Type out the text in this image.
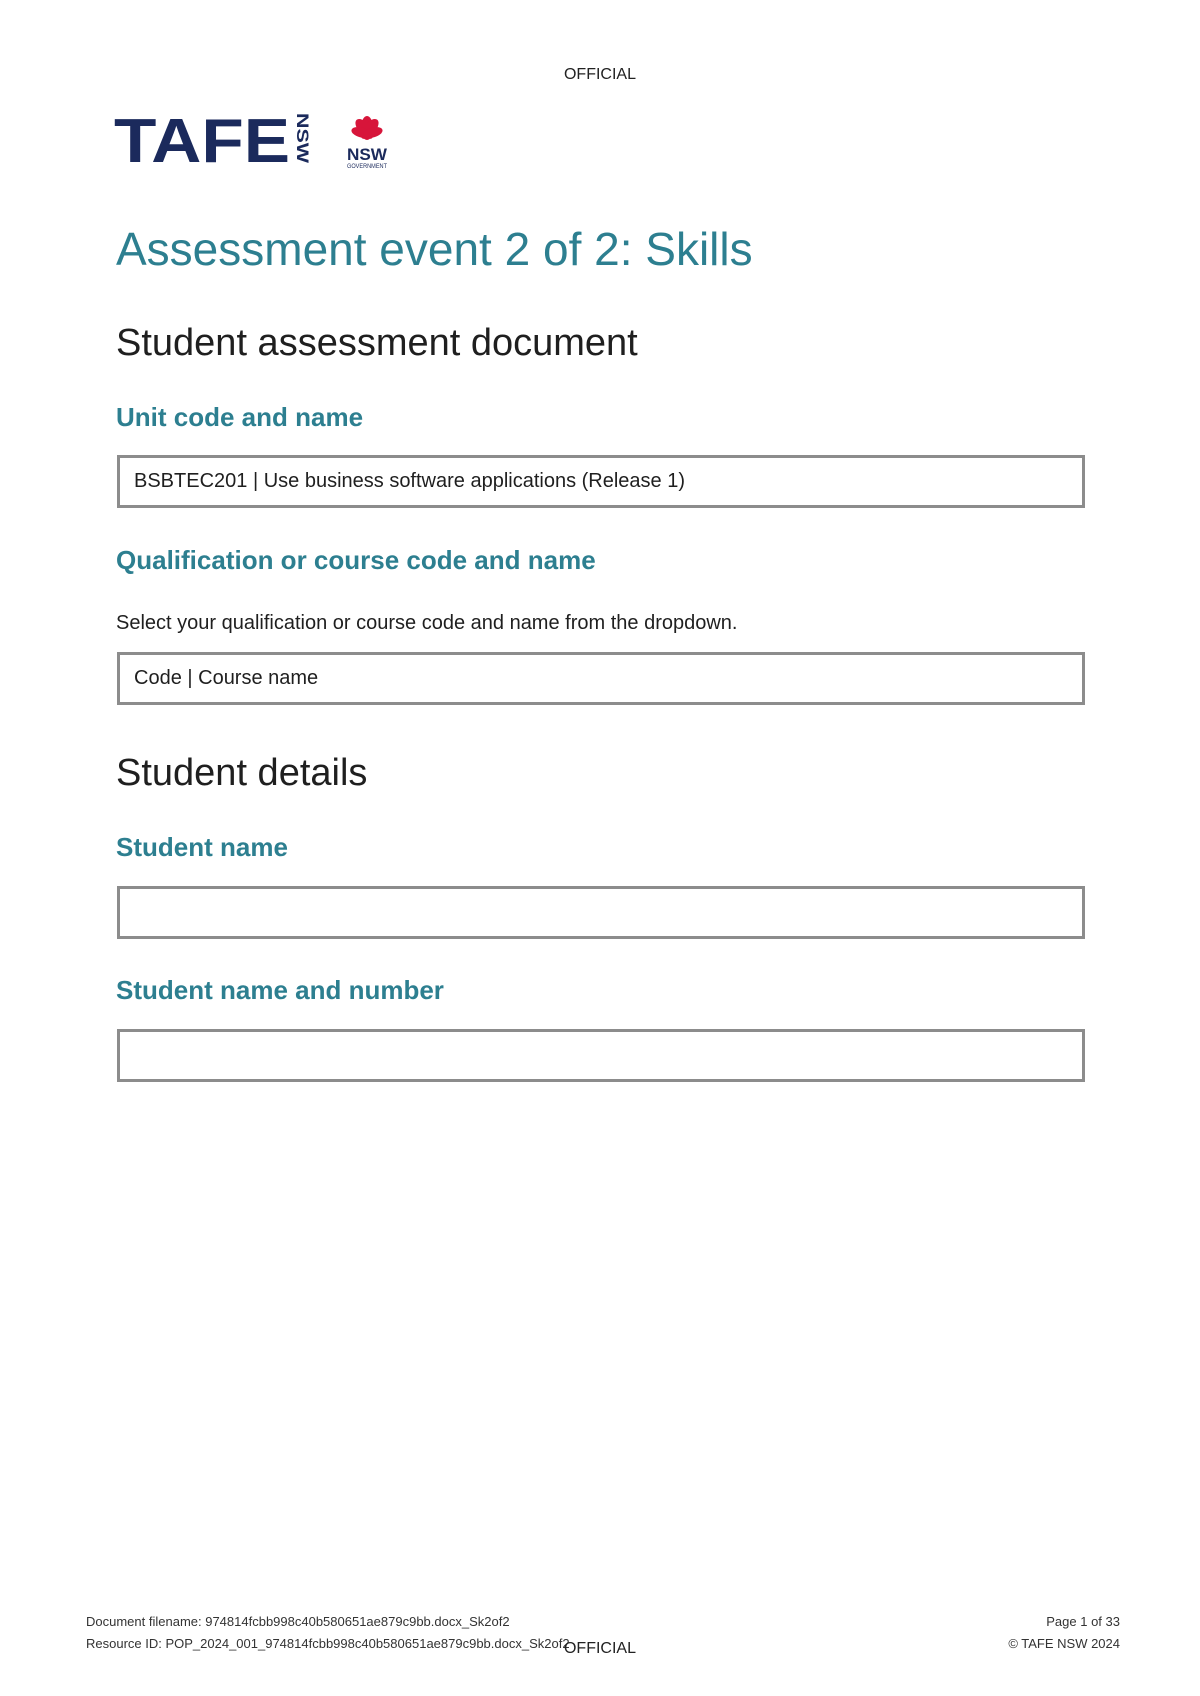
OFFICIAL
TAFE NSW
NSW
GOVERNMENT
Assessment event 2 of 2: Skills
Student assessment document
Unit code and name
BSBTEC201 | Use business software applications (Release 1)
Qualification or course code and name
Select your qualification or course code and name from the dropdown.
Code | Course name
Student details
Student name
Student name and number
Document filename: 974814fcbb998c40b580651ae879c9bb.docx_Sk2of2
Resource ID: POP_2024_001_974814fcbb998c40b580651ae879c9bb.docx_Sk2of2
Page 1 of 33
© TAFE NSW 2024
OFFICIAL
